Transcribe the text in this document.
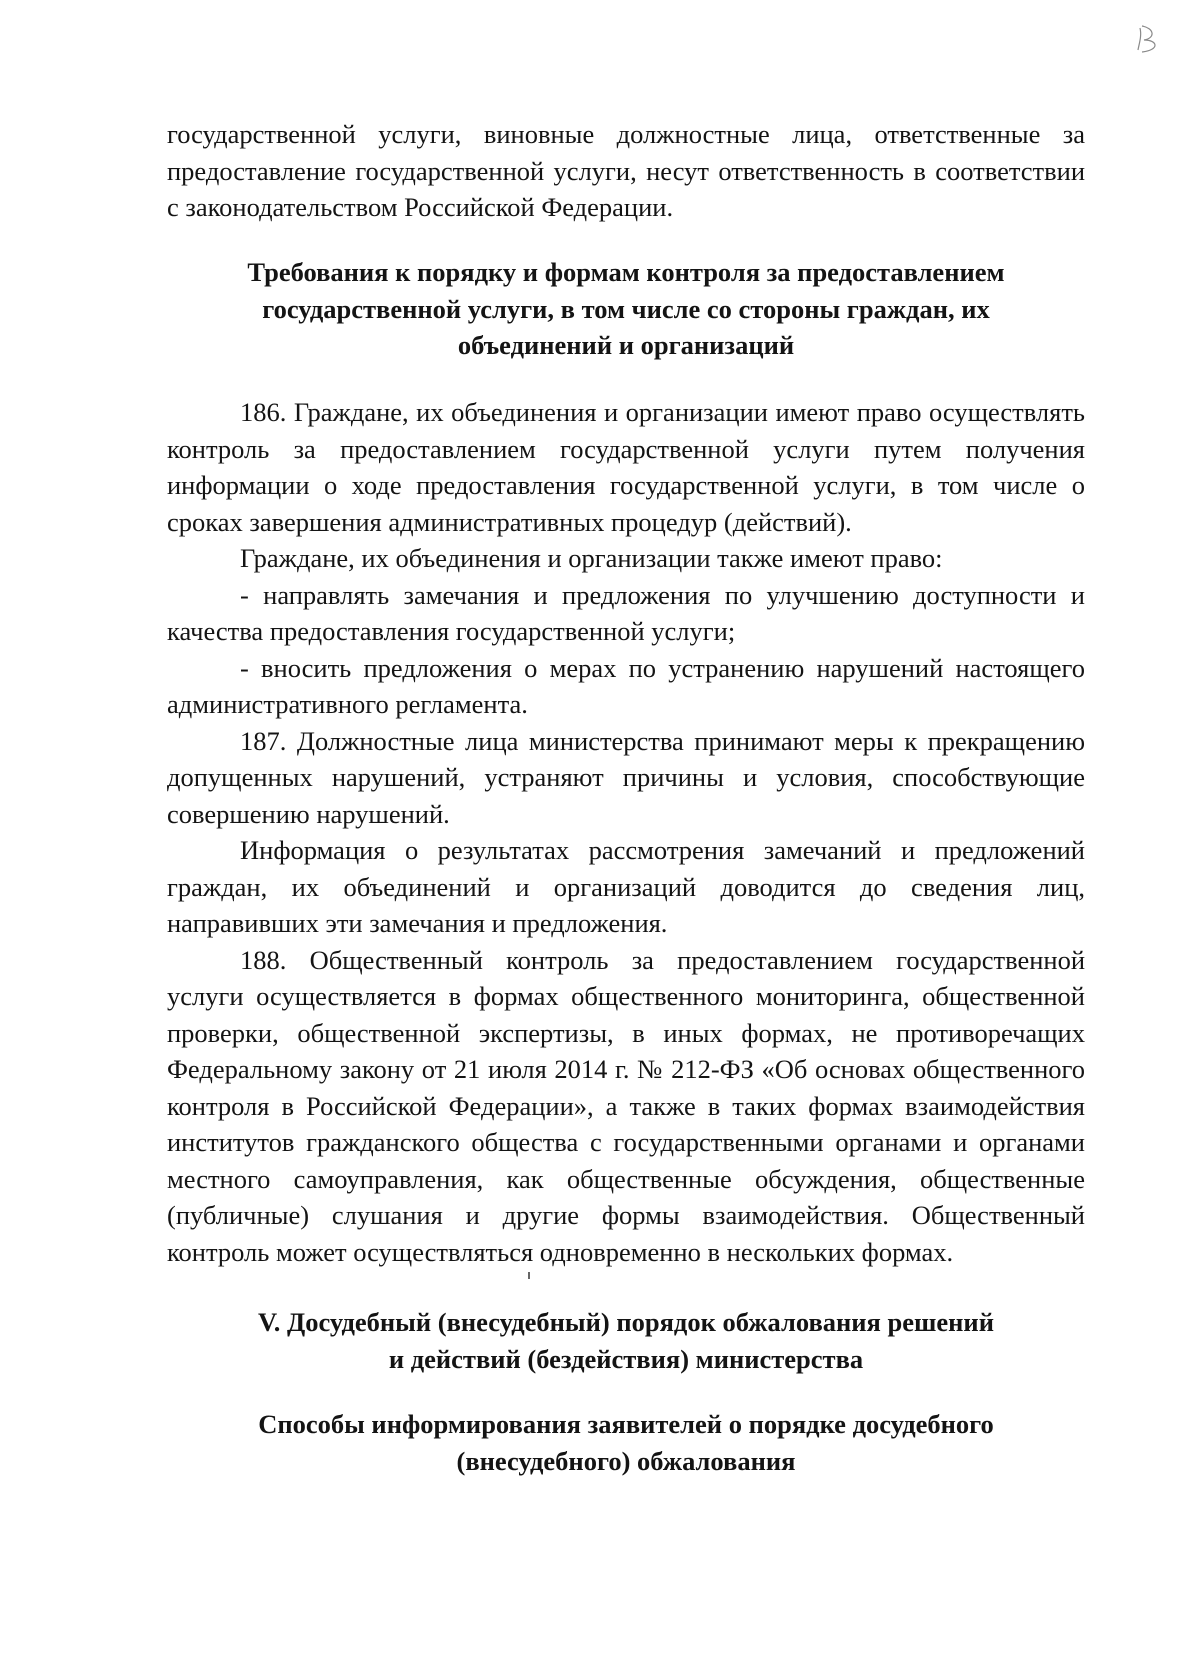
государственной услуги, виновные должностные лица, ответственные за предоставление государственной услуги, несут ответственность в соответствии с законодательством Российской Федерации.

Требования к порядку и формам контроля за предоставлением
государственной услуги, в том числе со стороны граждан, их
объединений и организаций

186. Граждане, их объединения и организации имеют право осуществлять контроль за предоставлением государственной услуги путем получения информации о ходе предоставления государственной услуги, в том числе о сроках завершения административных процедур (действий).

Граждане, их объединения и организации также имеют право:

- направлять замечания и предложения по улучшению доступности и качества предоставления государственной услуги;

- вносить предложения о мерах по устранению нарушений настоящего административного регламента.

187. Должностные лица министерства принимают меры к прекращению допущенных нарушений, устраняют причины и условия, способствующие совершению нарушений.

Информация о результатах рассмотрения замечаний и предложений граждан, их объединений и организаций доводится до сведения лиц, направивших эти замечания и предложения.

188. Общественный контроль за предоставлением государственной услуги осуществляется в формах общественного мониторинга, общественной проверки, общественной экспертизы, в иных формах, не противоречащих Федеральному закону от 21 июля 2014 г. № 212-ФЗ «Об основах общественного контроля в Российской Федерации», а также в таких формах взаимодействия институтов гражданского общества с государственными органами и органами местного самоуправления, как общественные обсуждения, общественные (публичные) слушания и другие формы взаимодействия. Общественный контроль может осуществляться одновременно в нескольких формах.

V. Досудебный (внесудебный) порядок обжалования решений
и действий (бездействия) министерства

Способы информирования заявителей о порядке досудебного
(внесудебного) обжалования
